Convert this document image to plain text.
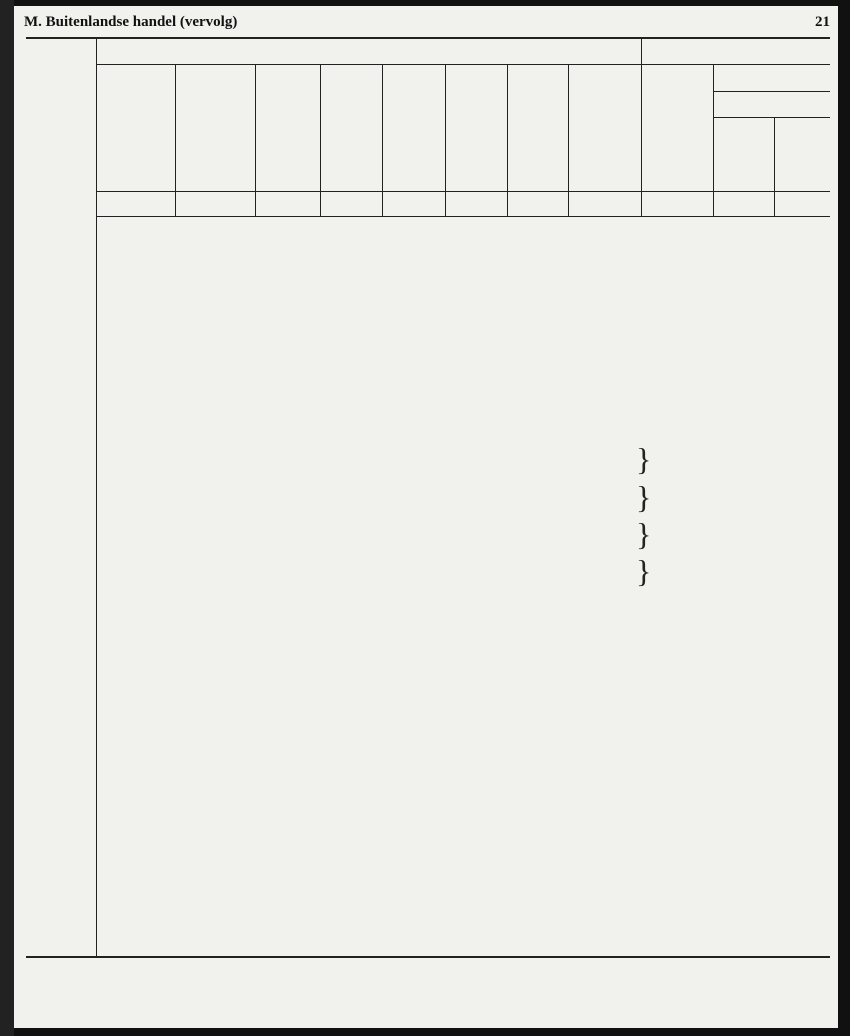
M. Buitenlandse handel (vervolg)	21
}
}
}
}
